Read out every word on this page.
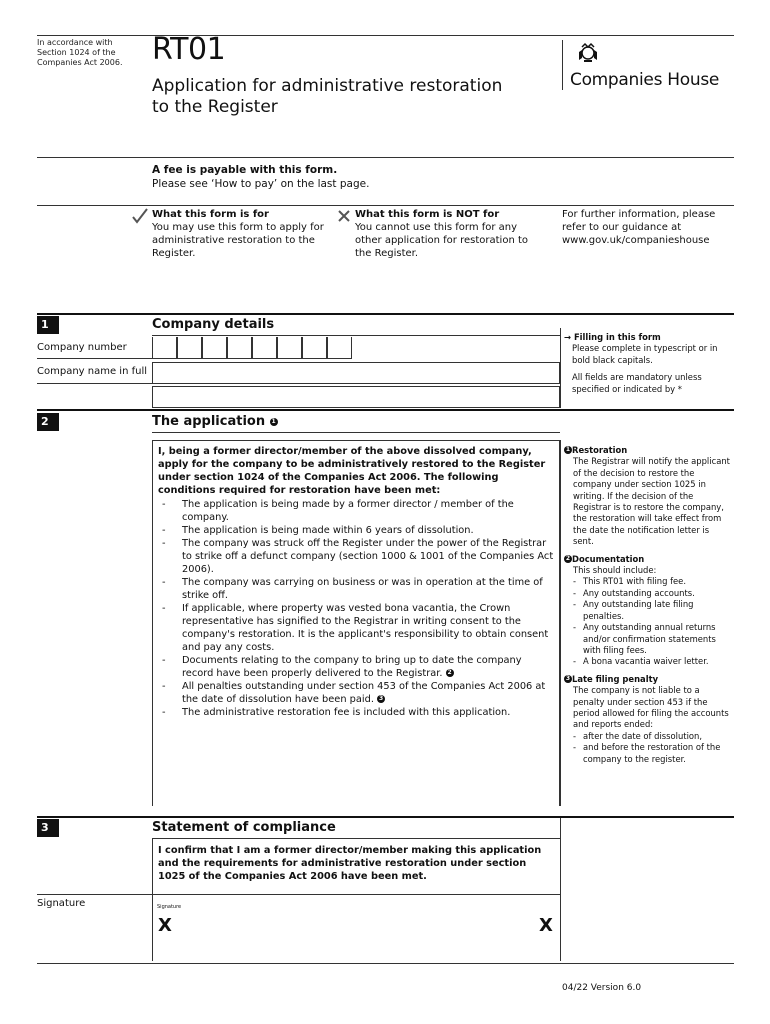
In accordance with Section 1024 of the Companies Act 2006. RT01
Application for administrative restoration
to the Register
Companies House
A fee is payable with this form.
Please see ‘How to pay’ on the last page.
What this form is for
You may use this form to apply for administrative restoration to the Register.
What this form is NOT for
You cannot use this form for any other application for restoration to the Register.
For further information, please refer to our guidance at www.gov.uk/companieshouse
1	Company details
Company number
Company name in full
→ Filling in this form
Please complete in typescript or in bold black capitals.
All fields are mandatory unless specified or indicated by *
2	The application 1
I, being a former director/member of the above dissolved company, apply for the company to be administratively restored to the Register under section 1024 of the Companies Act 2006. The following conditions required for restoration have been met:
- The application is being made by a former director / member of the company.
- The application is being made within 6 years of dissolution.
- The company was struck off the Register under the power of the Registrar to strike off a defunct company (section 1000 & 1001 of the Companies Act 2006).
- The company was carrying on business or was in operation at the time of strike off.
- If applicable, where property was vested bona vacantia, the Crown representative has signified to the Registrar in writing consent to the company's restoration. It is the applicant's responsibility to obtain consent and pay any costs.
- Documents relating to the company to bring up to date the company record have been properly delivered to the Registrar. 2
- All penalties outstanding under section 453 of the Companies Act 2006 at the date of dissolution have been paid. 3
- The administrative restoration fee is included with this application.
1 Restoration
The Registrar will notify the applicant of the decision to restore the company under section 1025 in writing. If the decision of the Registrar is to restore the company, the restoration will take effect from the date the notification letter is sent.
2 Documentation
This should include:
- This RT01 with filing fee.
- Any outstanding accounts.
- Any outstanding late filing penalties.
- Any outstanding annual returns and/or confirmation statements with filing fees.
- A bona vacantia waiver letter.
3 Late filing penalty
The company is not liable to a penalty under section 453 if the period allowed for filing the accounts and reports ended:
- after the date of dissolution,
- and before the restoration of the company to the register.
3	Statement of compliance
I confirm that I am a former director/member making this application and the requirements for administrative restoration under section 1025 of the Companies Act 2006 have been met.
Signature	Signature
X	X
04/22 Version 6.0
